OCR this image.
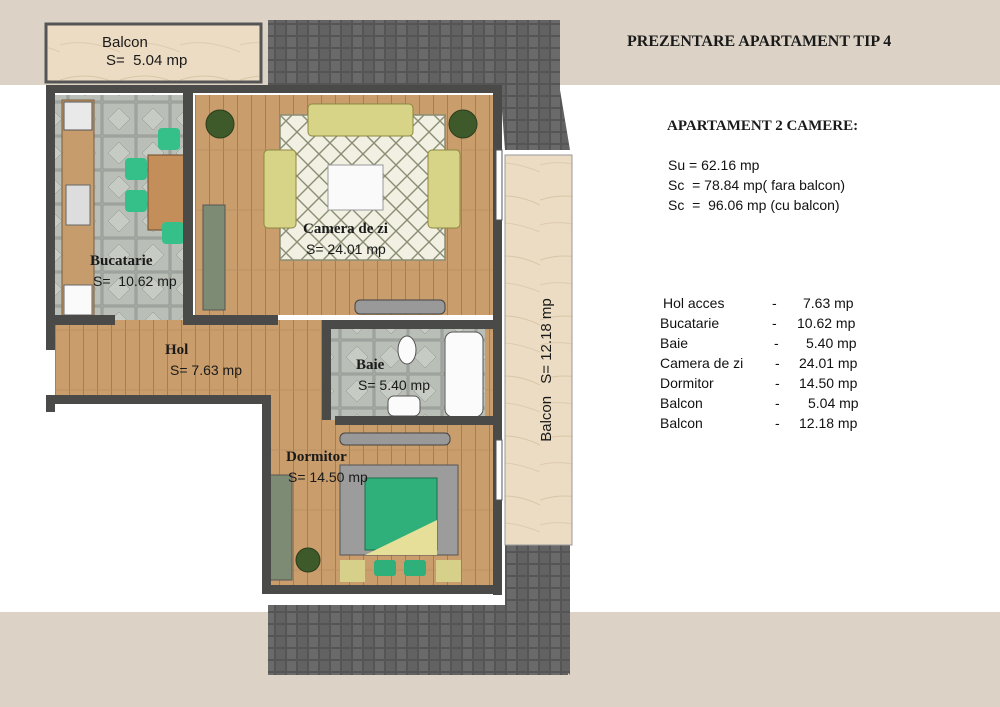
PREZENTARE APARTAMENT TIP 4
APARTAMENT 2 CAMERE:
Su = 62.16 mp
Sc  = 78.84 mp( fara balcon)
Sc  =  96.06 mp (cu balcon)
Hol acces	- 7.63 mp
Bucatarie	- 10.62 mp
Baie	- 5.40 mp
Camera de zi - 24.01 mp
Dormitor	- 14.50 mp
Balcon	- 5.04 mp
Balcon	- 12.18 mp
Balcon
S=  5.04 mp
Camera de zi
S= 24.01 mp
Bucatarie
S=  10.62 mp
Hol
S= 7.63 mp	Baie
S= 5.40 mp
Dormitor
S= 14.50 mp
Balcon S= 12.18 mp
